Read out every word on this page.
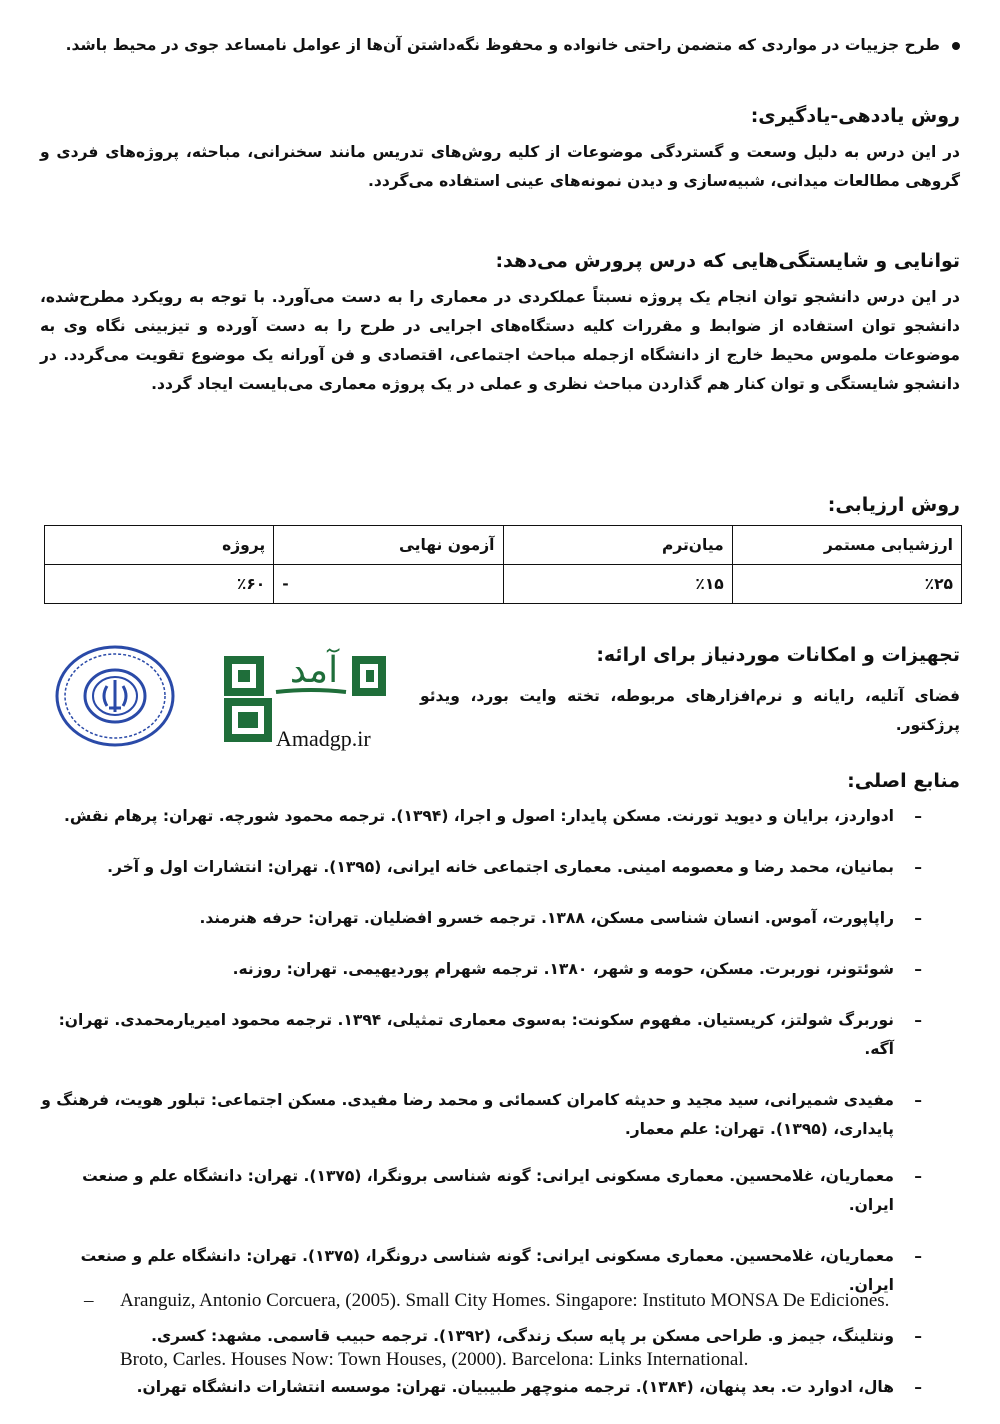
طرح جزییات در مواردی که متضمن راحتی خانواده و محفوظ نگه‌داشتن آن‌ها از عوامل نامساعد جوی در محیط باشد.
روش یاددهی-یادگیری:
در این درس به دلیل وسعت و گستردگی موضوعات از کلیه روش‌های تدریس مانند سخنرانی، مباحثه، پروژه‌های فردی و گروهی مطالعات میدانی، شبیه‌سازی و دیدن نمونه‌های عینی استفاده می‌گردد.
توانایی و شایستگی‌هایی که درس پرورش می‌دهد:
در این درس دانشجو توان انجام یک پروژه نسبتاً عملکردی در معماری را به دست می‌آورد. با توجه به رویکرد مطرح‌شده، دانشجو توان استفاده از ضوابط و مقررات کلیه دستگاه‌های اجرایی در طرح را به دست آورده و تیزبینی نگاه وی به موضوعات ملموس محیط خارج از دانشگاه ازجمله مباحث اجتماعی، اقتصادی و فن آورانه یک موضوع تقویت می‌گردد. در دانشجو شایستگی و توان کنار هم گذاردن مباحث نظری و عملی در یک پروژه معماری می‌بایست ایجاد گردد.
روش ارزیابی:
ارزشیابی مستمر	میان‌ترم	آزمون نهایی	پروژه
٪۲۵	٪۱۵	-	٪۶۰
تجهیزات و امکانات موردنیاز برای ارائه:
فضای آتلیه، رایانه و نرم‌افزارهای مربوطه، تخته وایت بورد، ویدئو پرژکتور.
آمد
Amadgp.ir
منابع اصلی:
–
ادواردز، برایان و دیوید تورنت. مسکن پایدار: اصول و اجرا، (۱۳۹۴). ترجمه محمود شورچه. تهران: پرهام نقش.
–
بمانیان، محمد رضا و معصومه امینی. معماری اجتماعی خانه ایرانی، (۱۳۹۵). تهران: انتشارات اول و آخر.
–
راپاپورت، آموس. انسان شناسی مسکن، ۱۳۸۸. ترجمه خسرو افضلیان. تهران: حرفه هنرمند.
–
شوئتونر، نوربرت. مسکن، حومه و شهر، ۱۳۸۰. ترجمه شهرام پوردیهیمی. تهران: روزنه.
–
نوربرگ شولتز، کریستیان. مفهوم سکونت: به‌سوی معماری تمثیلی، ۱۳۹۴. ترجمه محمود امیریارمحمدی. تهران: آگه.
–
مفیدی شمیرانی، سید مجید و حدیثه کامران کسمائی و محمد رضا مفیدی. مسکن اجتماعی: تبلور هویت، فرهنگ و پایداری، (۱۳۹۵). تهران: علم معمار.
–
معماریان، غلامحسین. معماری مسکونی ایرانی: گونه شناسی برونگرا، (۱۳۷۵). تهران: دانشگاه علم و صنعت ایران.
–
معماریان، غلامحسین. معماری مسکونی ایرانی: گونه شناسی درونگرا، (۱۳۷۵). تهران: دانشگاه علم و صنعت ایران.
–
ونتلینگ، جیمز و. طراحی مسکن بر پایه سبک زندگی، (۱۳۹۲). ترجمه حبیب قاسمی. مشهد: کسری.
–
هال، ادوارد ت. بعد پنهان، (۱۳۸۴). ترجمه منوچهر طبیبیان. تهران: موسسه انتشارات دانشگاه تهران.
– Aranguiz, Antonio Corcuera, (2005). Small City Homes. Singapore: Instituto MONSA De Ediciones.
Broto, Carles. Houses Now: Town Houses, (2000). Barcelona: Links International.
